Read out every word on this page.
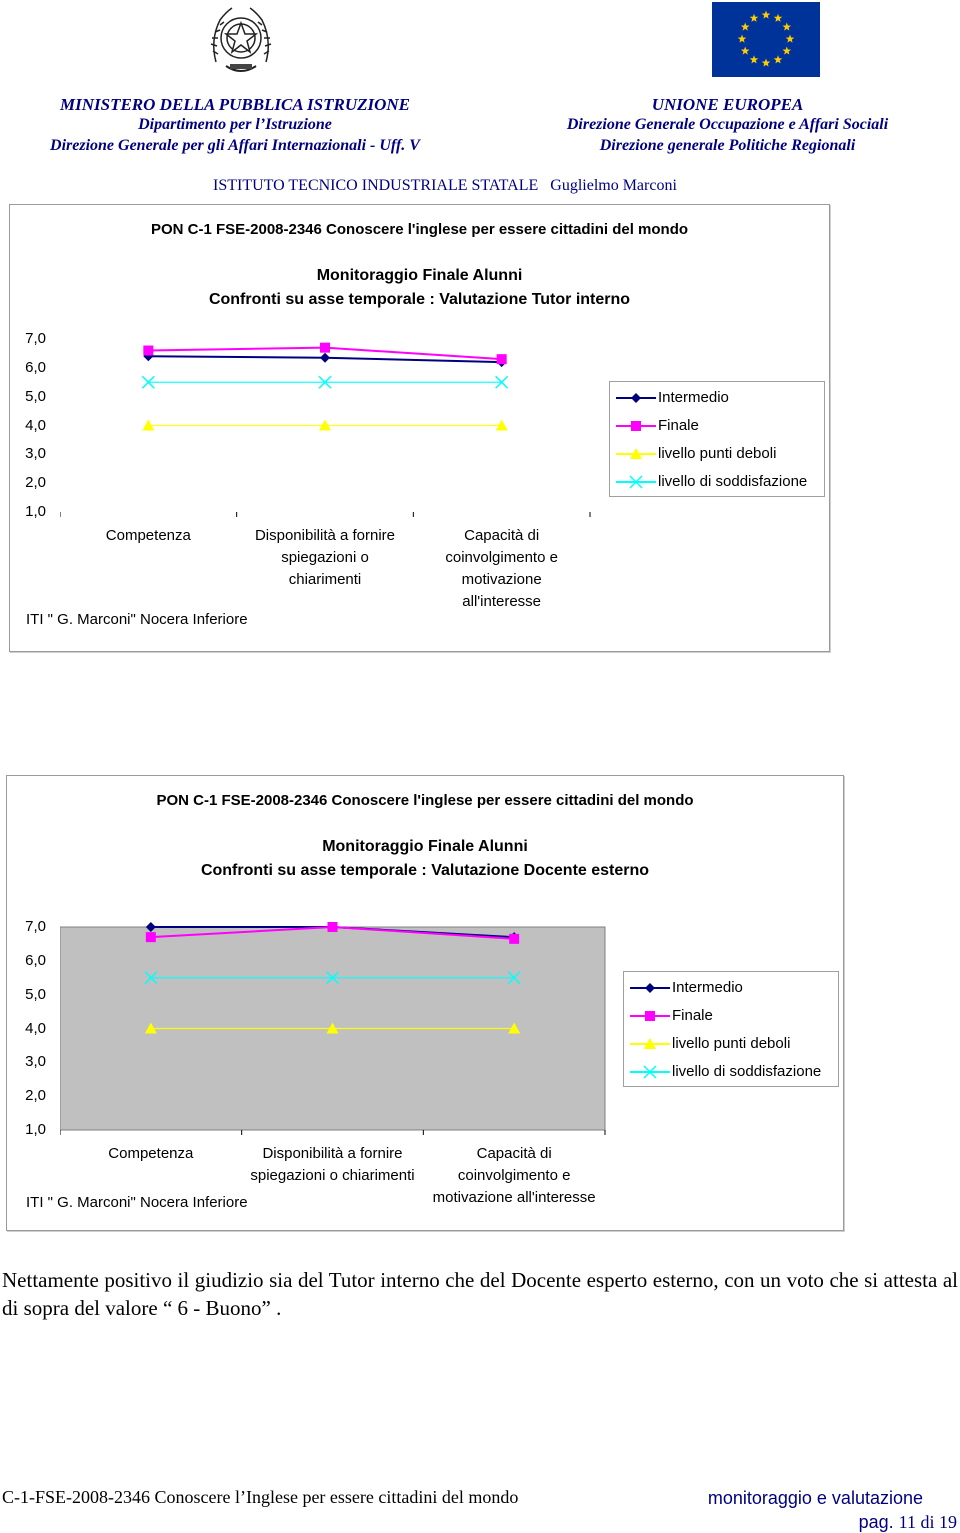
MINISTERO DELLA PUBBLICA ISTRUZIONE
Dipartimento per l’Istruzione
Direzione Generale per gli Affari Internazionali - Uff. V
UNIONE EUROPEA
Direzione Generale Occupazione e Affari Sociali
Direzione generale Politiche Regionali
ISTITUTO TECNICO INDUSTRIALE STATALE   Guglielmo Marconi
PON C-1 FSE-2008-2346 Conoscere l'inglese per essere cittadini del mondo
Monitoraggio Finale Alunni
Confronti su asse temporale : Valutazione Tutor interno
7,0
6,0
5,0
4,0
3,0
2,0
1,0
Competenza	Disponibilità a fornire
spiegazioni o
chiarimenti
Capacità di
coinvolgimento e
motivazione
all'interesse
ITI " G. Marconi" Nocera Inferiore
Intermedio
Finale
livello punti deboli
livello di soddisfazione
PON C-1 FSE-2008-2346 Conoscere l'inglese per essere cittadini del mondo
Monitoraggio Finale Alunni
Confronti su asse temporale : Valutazione Docente esterno
7,0
6,0
5,0
4,0
3,0
2,0
1,0
Competenza	Disponibilità a fornire
spiegazioni o chiarimenti
Capacità di
coinvolgimento e
motivazione all'interesse
ITI " G. Marconi" Nocera Inferiore
Intermedio
Finale
livello punti deboli
livello di soddisfazione

Nettamente positivo il giudizio sia del Tutor interno che del Docente esperto esterno, con un voto che si attesta al di sopra del valore “ 6 - Buono” .

C-1-FSE-2008-2346 Conoscere l’Inglese per essere cittadini del mondo	monitoraggio e valutazione
pag. 11 di 19
